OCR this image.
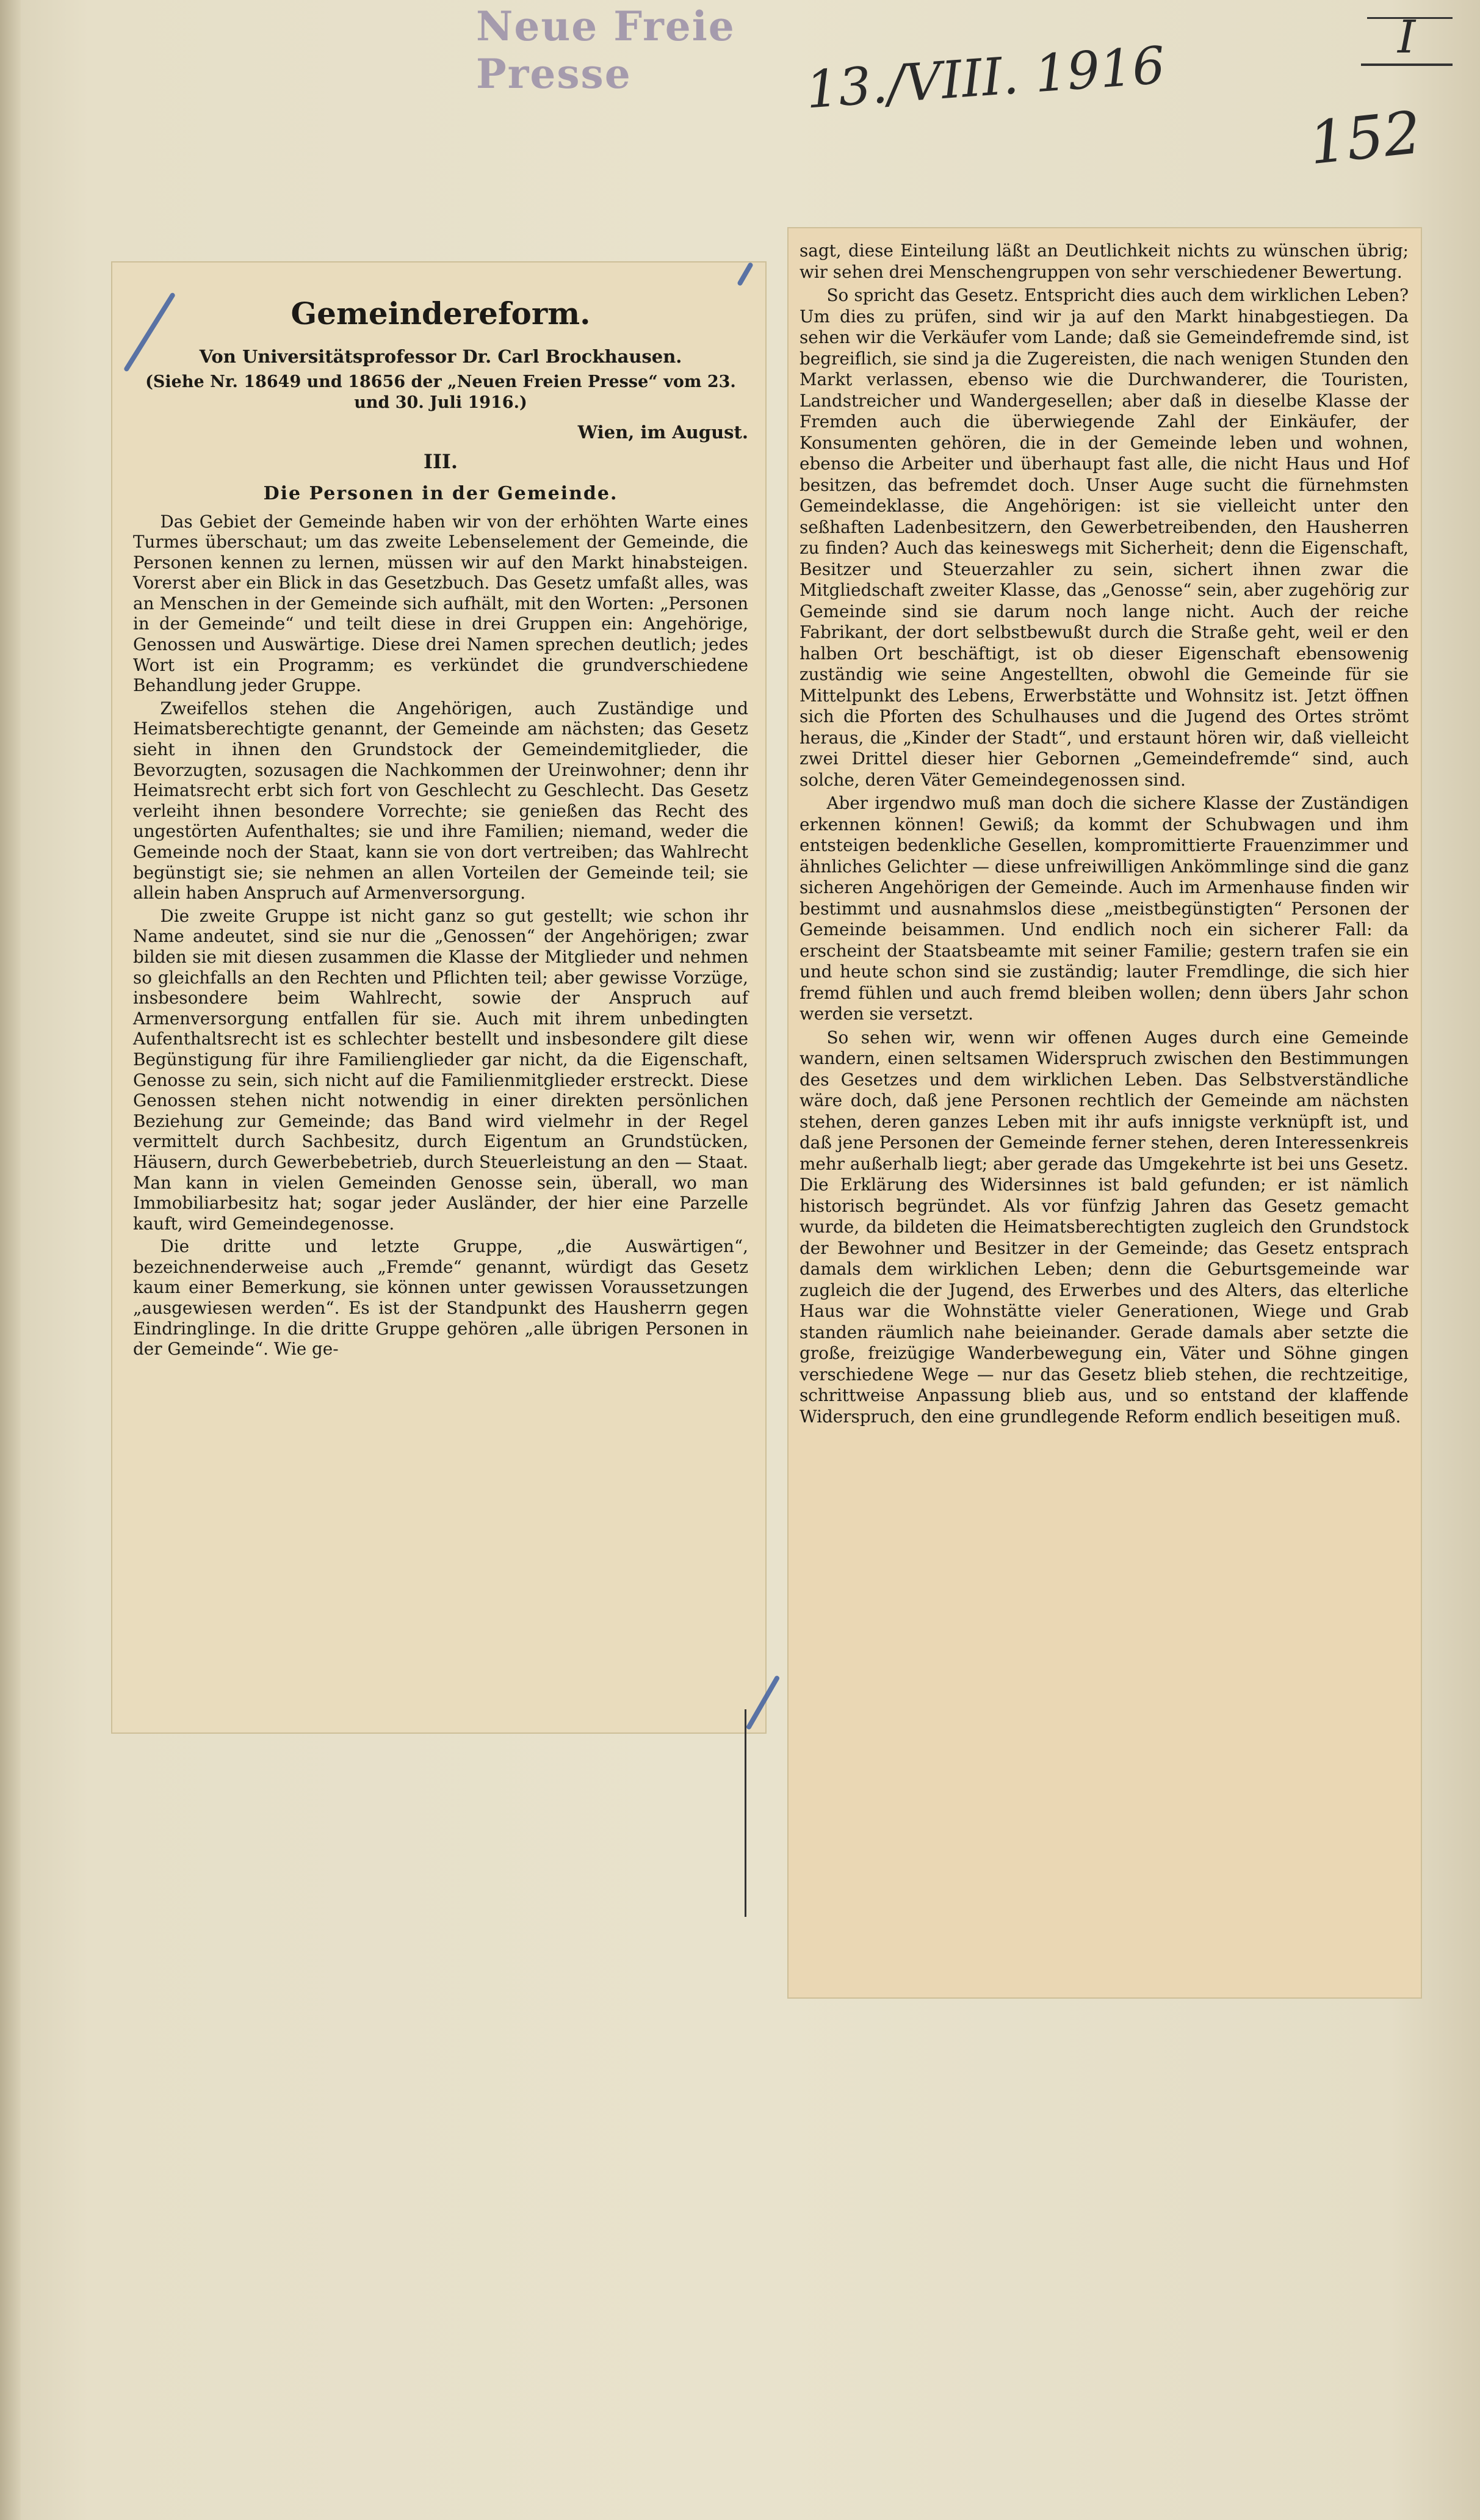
Neue Freie Presse
I
13./VIII. 1916
152
Gemeindereform.
Von Universitätsprofessor Dr. Carl Brockhausen.
(Siehe Nr. 18649 und 18656 der „Neuen Freien Presse“ vom 23. und 30. Juli 1916.)
Wien, im August.
III.
Die Personen in der Gemeinde.

Das Gebiet der Gemeinde haben wir von der erhöhten Warte eines Turmes überschaut; um das zweite Lebenselement der Gemeinde, die Personen kennen zu lernen, müssen wir auf den Markt hinabsteigen. Vorerst aber ein Blick in das Gesetzbuch. Das Gesetz umfaßt alles, was an Menschen in der Gemeinde sich aufhält, mit den Worten: „Personen in der Gemeinde“ und teilt diese in drei Gruppen ein: Angehörige, Genossen und Auswärtige. Diese drei Namen sprechen deutlich; jedes Wort ist ein Programm; es verkündet die grundverschiedene Behandlung jeder Gruppe.

Zweifellos stehen die Angehörigen, auch Zuständige und Heimatsberechtigte genannt, der Gemeinde am nächsten; das Gesetz sieht in ihnen den Grundstock der Gemeindemitglieder, die Bevorzugten, sozusagen die Nachkommen der Ureinwohner; denn ihr Heimatsrecht erbt sich fort von Geschlecht zu Geschlecht. Das Gesetz verleiht ihnen besondere Vorrechte; sie genießen das Recht des ungestörten Aufenthaltes; sie und ihre Familien; niemand, weder die Gemeinde noch der Staat, kann sie von dort vertreiben; das Wahlrecht begünstigt sie; sie nehmen an allen Vorteilen der Gemeinde teil; sie allein haben Anspruch auf Armenversorgung.

Die zweite Gruppe ist nicht ganz so gut gestellt; wie schon ihr Name andeutet, sind sie nur die „Genossen“ der Angehörigen; zwar bilden sie mit diesen zusammen die Klasse der Mitglieder und nehmen so gleichfalls an den Rechten und Pflichten teil; aber gewisse Vorzüge, insbesondere beim Wahlrecht, sowie der Anspruch auf Armenversorgung entfallen für sie. Auch mit ihrem unbedingten Aufenthaltsrecht ist es schlechter bestellt und insbesondere gilt diese Begünstigung für ihre Familienglieder gar nicht, da die Eigenschaft, Genosse zu sein, sich nicht auf die Familienmitglieder erstreckt. Diese Genossen stehen nicht notwendig in einer direkten persönlichen Beziehung zur Gemeinde; das Band wird vielmehr in der Regel vermittelt durch Sachbesitz, durch Eigentum an Grundstücken, Häusern, durch Gewerbebetrieb, durch Steuerleistung an den — Staat. Man kann in vielen Gemeinden Genosse sein, überall, wo man Immobiliarbesitz hat; sogar jeder Ausländer, der hier eine Parzelle kauft, wird Gemeindegenosse.

Die dritte und letzte Gruppe, „die Auswärtigen“, bezeichnenderweise auch „Fremde“ genannt, würdigt das Gesetz kaum einer Bemerkung, sie können unter gewissen Voraussetzungen „ausgewiesen werden“. Es ist der Standpunkt des Hausherrn gegen Eindringlinge. In die dritte Gruppe gehören „alle übrigen Personen in der Gemeinde“. Wie ge-

sagt, diese Einteilung läßt an Deutlichkeit nichts zu wünschen übrig; wir sehen drei Menschengruppen von sehr verschiedener Bewertung.

So spricht das Gesetz. Entspricht dies auch dem wirklichen Leben? Um dies zu prüfen, sind wir ja auf den Markt hinabgestiegen. Da sehen wir die Verkäufer vom Lande; daß sie Gemeindefremde sind, ist begreiflich, sie sind ja die Zugereisten, die nach wenigen Stunden den Markt verlassen, ebenso wie die Durchwanderer, die Touristen, Landstreicher und Wandergesellen; aber daß in dieselbe Klasse der Fremden auch die überwiegende Zahl der Einkäufer, der Konsumenten gehören, die in der Gemeinde leben und wohnen, ebenso die Arbeiter und überhaupt fast alle, die nicht Haus und Hof besitzen, das befremdet doch. Unser Auge sucht die fürnehmsten Gemeindeklasse, die Angehörigen: ist sie vielleicht unter den seßhaften Ladenbesitzern, den Gewerbetreibenden, den Hausherren zu finden? Auch das keineswegs mit Sicherheit; denn die Eigenschaft, Besitzer und Steuerzahler zu sein, sichert ihnen zwar die Mitgliedschaft zweiter Klasse, das „Genosse“ sein, aber zugehörig zur Gemeinde sind sie darum noch lange nicht. Auch der reiche Fabrikant, der dort selbstbewußt durch die Straße geht, weil er den halben Ort beschäftigt, ist ob dieser Eigenschaft ebensowenig zuständig wie seine Angestellten, obwohl die Gemeinde für sie Mittelpunkt des Lebens, Erwerbstätte und Wohnsitz ist. Jetzt öffnen sich die Pforten des Schulhauses und die Jugend des Ortes strömt heraus, die „Kinder der Stadt“, und erstaunt hören wir, daß vielleicht zwei Drittel dieser hier Gebornen „Gemeindefremde“ sind, auch solche, deren Väter Gemeindegenossen sind.

Aber irgendwo muß man doch die sichere Klasse der Zuständigen erkennen können! Gewiß; da kommt der Schubwagen und ihm entsteigen bedenkliche Gesellen, kompromittierte Frauenzimmer und ähnliches Gelichter — diese unfreiwilligen Ankömmlinge sind die ganz sicheren Angehörigen der Gemeinde. Auch im Armenhause finden wir bestimmt und ausnahmslos diese „meistbegünstigten“ Personen der Gemeinde beisammen. Und endlich noch ein sicherer Fall: da erscheint der Staatsbeamte mit seiner Familie; gestern trafen sie ein und heute schon sind sie zuständig; lauter Fremdlinge, die sich hier fremd fühlen und auch fremd bleiben wollen; denn übers Jahr schon werden sie versetzt.

So sehen wir, wenn wir offenen Auges durch eine Gemeinde wandern, einen seltsamen Widerspruch zwischen den Bestimmungen des Gesetzes und dem wirklichen Leben. Das Selbstverständliche wäre doch, daß jene Personen rechtlich der Gemeinde am nächsten stehen, deren ganzes Leben mit ihr aufs innigste verknüpft ist, und daß jene Personen der Gemeinde ferner stehen, deren Interessenkreis mehr außerhalb liegt; aber gerade das Umgekehrte ist bei uns Gesetz. Die Erklärung des Widersinnes ist bald gefunden; er ist nämlich historisch begründet. Als vor fünfzig Jahren das Gesetz gemacht wurde, da bildeten die Heimatsberechtigten zugleich den Grundstock der Bewohner und Besitzer in der Gemeinde; das Gesetz entsprach damals dem wirklichen Leben; denn die Geburtsgemeinde war zugleich die der Jugend, des Erwerbes und des Alters, das elterliche Haus war die Wohnstätte vieler Generationen, Wiege und Grab standen räumlich nahe beieinander. Gerade damals aber setzte die große, freizügige Wanderbewegung ein, Väter und Söhne gingen verschiedene Wege — nur das Gesetz blieb stehen, die rechtzeitige, schrittweise Anpassung blieb aus, und so entstand der klaffende Widerspruch, den eine grundlegende Reform endlich beseitigen muß.
